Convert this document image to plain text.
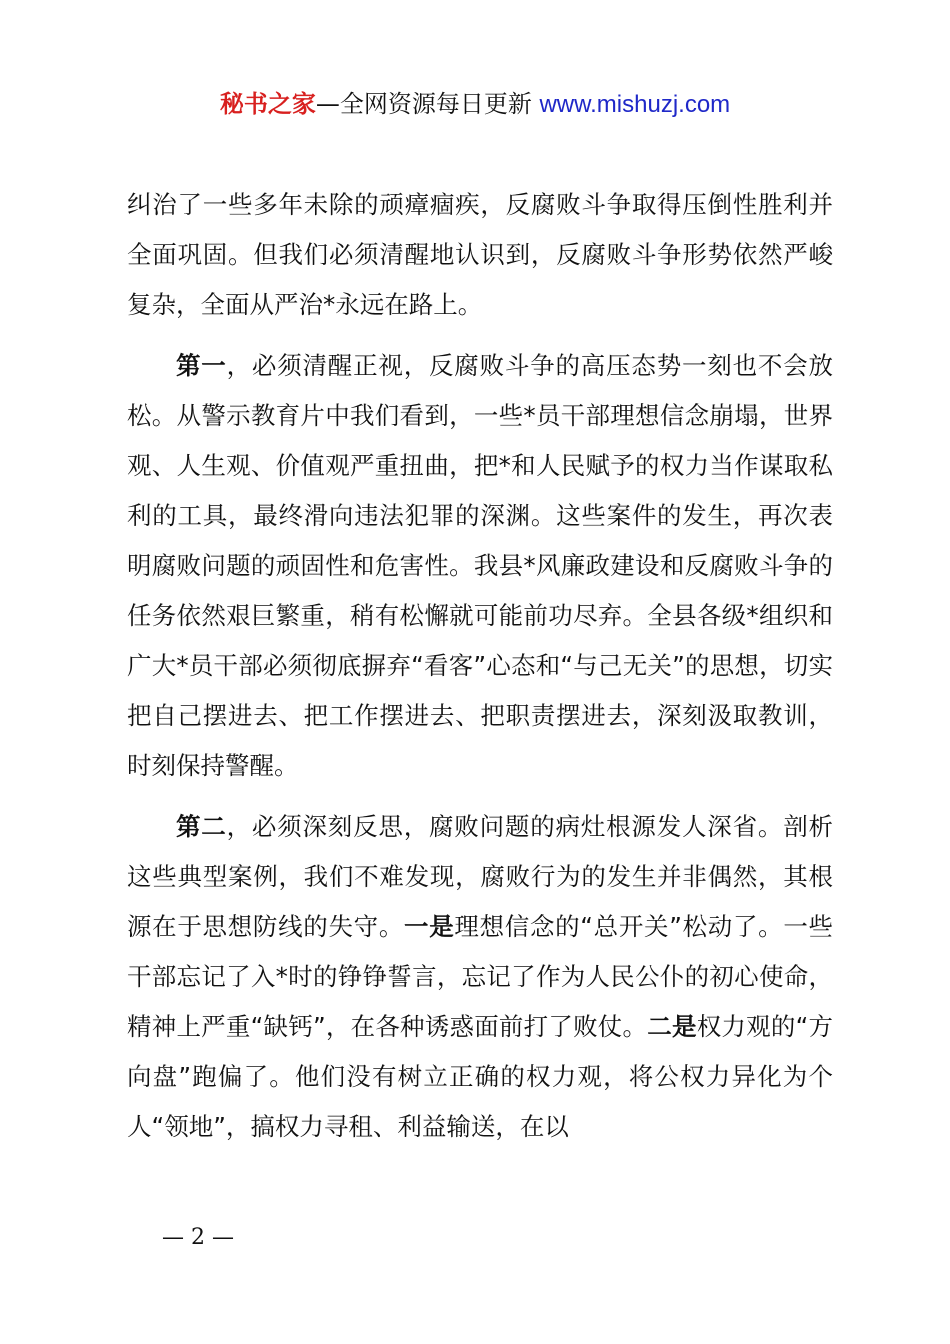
秘书之家—全网资源每日更新 www.mishuzj.com

纠治了一些多年未除的顽瘴痼疾，反腐败斗争取得压倒性胜利并全面巩固。但我们必须清醒地认识到，反腐败斗争形势依然严峻复杂，全面从严治*永远在路上。

第一，必须清醒正视，反腐败斗争的高压态势一刻也不会放松。从警示教育片中我们看到，一些*员干部理想信念崩塌，世界观、人生观、价值观严重扭曲，把*和人民赋予的权力当作谋取私利的工具，最终滑向违法犯罪的深渊。这些案件的发生，再次表明腐败问题的顽固性和危害性。我县*风廉政建设和反腐败斗争的任务依然艰巨繁重，稍有松懈就可能前功尽弃。全县各级*组织和广大*员干部必须彻底摒弃“看客”心态和“与己无关”的思想，切实把自己摆进去、把工作摆进去、把职责摆进去，深刻汲取教训，时刻保持警醒。

第二，必须深刻反思，腐败问题的病灶根源发人深省。剖析这些典型案例，我们不难发现，腐败行为的发生并非偶然，其根源在于思想防线的失守。一是理想信念的“总开关”松动了。一些干部忘记了入*时的铮铮誓言，忘记了作为人民公仆的初心使命，精神上严重“缺钙”，在各种诱惑面前打了败仗。二是权力观的“方向盘”跑偏了。他们没有树立正确的权力观，将公权力异化为个人“领地”，搞权力寻租、利益输送，在以

— 2 —
